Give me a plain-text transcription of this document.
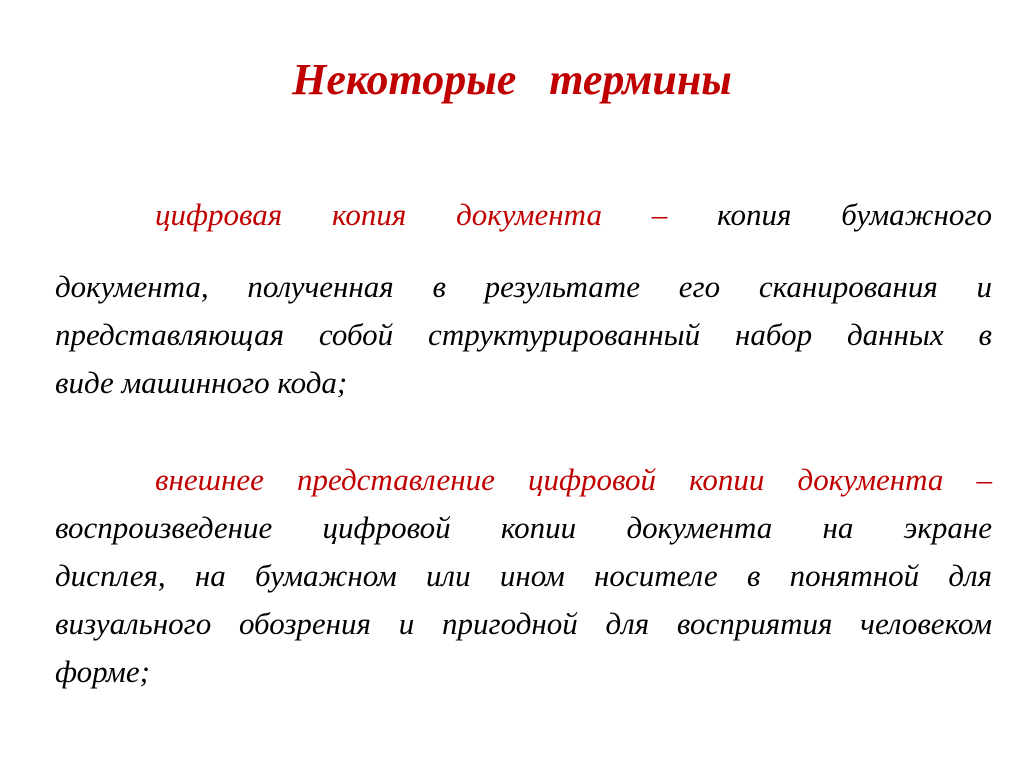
Некоторые   термины
цифровая копия документа – копия бумажного
документа, полученная в результате его сканирования и
представляющая собой структурированный набор данных в
виде машинного кода;
внешнее представление цифровой копии документа –
воспроизведение цифровой копии документа на экране
дисплея, на бумажном или ином носителе в понятной для
визуального обозрения и пригодной для восприятия человеком
форме;
